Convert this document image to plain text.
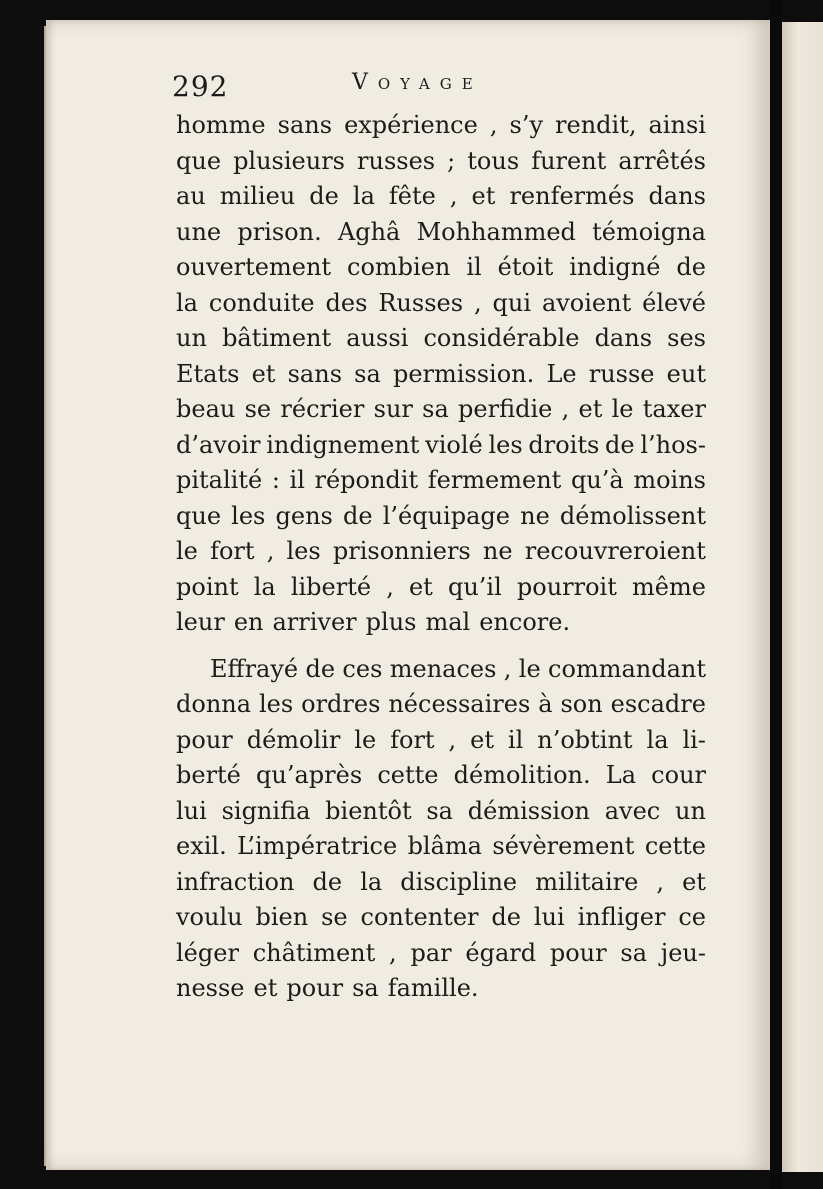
292	Voyage
homme sans expérience , s’y rendit, ainsi
que plusieurs russes ; tous furent arrêtés
au milieu de la fête , et renfermés dans
une prison. Aghâ Mohhammed témoigna
ouvertement combien il étoit indigné de
la conduite des Russes , qui avoient élevé
un bâtiment aussi considérable dans ses
Etats et sans sa permission. Le russe eut
beau se récrier sur sa perfidie , et le taxer
d’avoir indignement violé les droits de l’hos-
pitalité : il répondit fermement qu’à moins
que les gens de l’équipage ne démolissent
le fort , les prisonniers ne recouvreroient
point la liberté , et qu’il pourroit même
leur en arriver plus mal encore.
Effrayé de ces menaces , le commandant
donna les ordres nécessaires à son escadre
pour démolir le fort , et il n’obtint la li-
berté qu’après cette démolition. La cour
lui signifia bientôt sa démission avec un
exil. L’impératrice blâma sévèrement cette
infraction de la discipline militaire , et
voulu bien se contenter de lui infliger ce
léger châtiment , par égard pour sa jeu-
nesse et pour sa famille.
